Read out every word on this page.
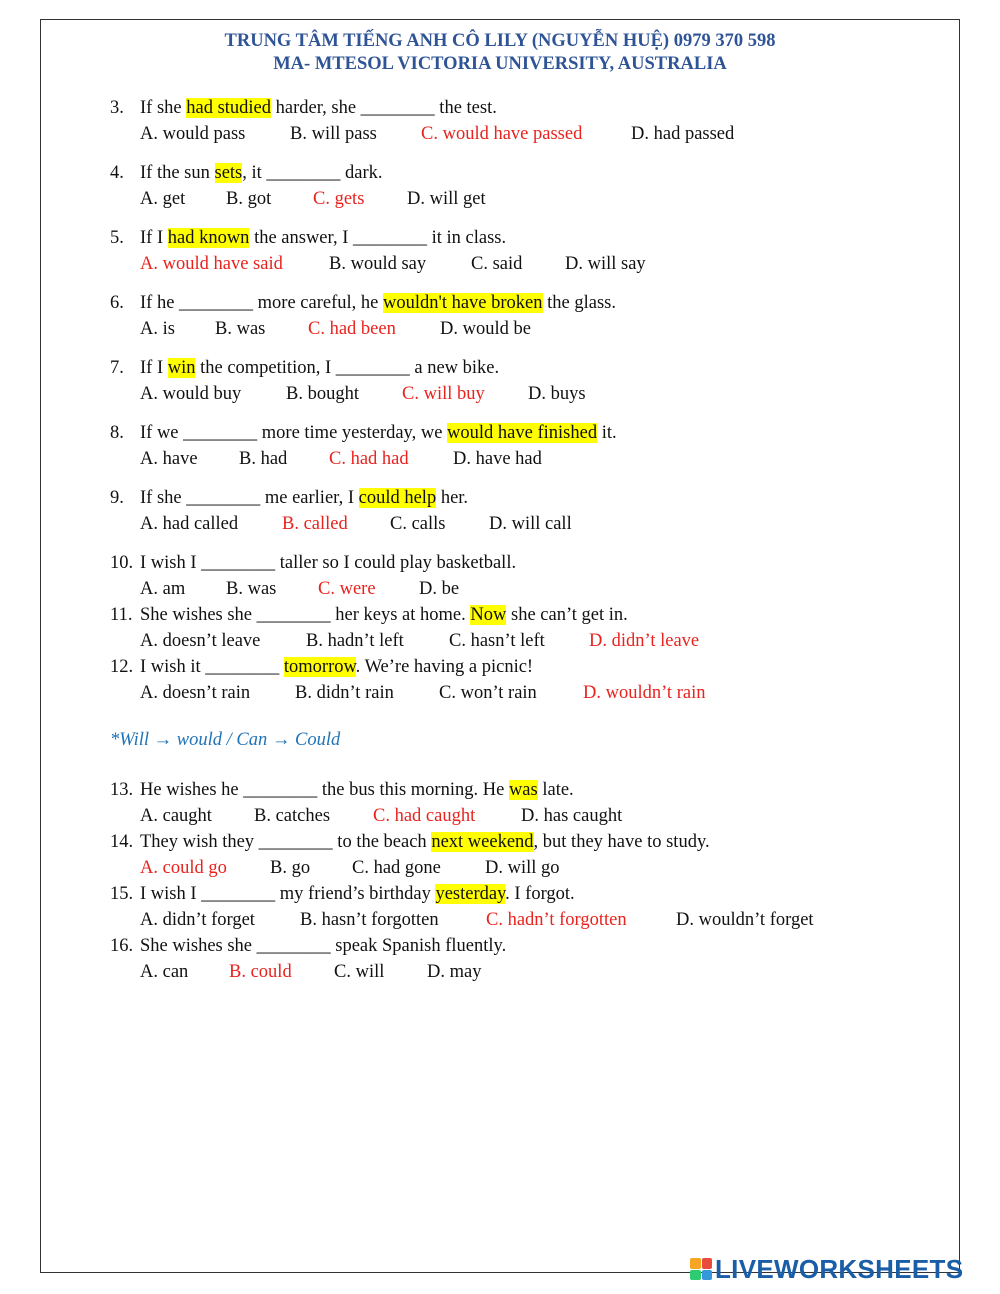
TRUNG TÂM TIẾNG ANH CÔ LILY (NGUYỄN HUỆ) 0979 370 598
MA- MTESOL VICTORIA UNIVERSITY, AUSTRALIA
*Will → would / Can → Could
3. If she had studied harder, she ________ the test.
A. would pass B. will pass C. would have passed	D. had passed
4. If the sun sets, it ________ dark.
A. get B. got C. gets D. will get
5. If I had known the answer, I ________ it in class.
A. would have said B. would say C. said D. will say
6. If he ________ more careful, he wouldn't have broken the glass.
A. is B. was C. had been D. would be
7. If I win the competition, I ________ a new bike.
A. would buy B. bought C. will buy D. buys
8. If we ________ more time yesterday, we would have finished it.
A. have B. had C. had had D. have had
9. If she ________ me earlier, I could help her.
A. had called B. called C. calls D. will call
10. I wish I ________ taller so I could play basketball.
A. am B. was C. were D. be
11. She wishes she ________ her keys at home. Now she can’t get in.
A. doesn’t leave B. hadn’t left C. hasn’t left D. didn’t leave
12. I wish it ________ tomorrow. We’re having a picnic!
A. doesn’t rain B. didn’t rain C. won’t rain D. wouldn’t rain
13. He wishes he ________ the bus this morning. He was late.
A. caught B. catches C. had caught D. has caught
14. They wish they ________ to the beach next weekend, but they have to study.
A. could go B. go C. had gone D. will go
15. I wish I ________ my friend’s birthday yesterday. I forgot.
A. didn’t forget B. hasn’t forgotten	C. hadn’t forgotten	D. wouldn’t forget
16. She wishes she ________ speak Spanish fluently.
A. can B. could C. will D. may
LIVEWORKSHEETS
